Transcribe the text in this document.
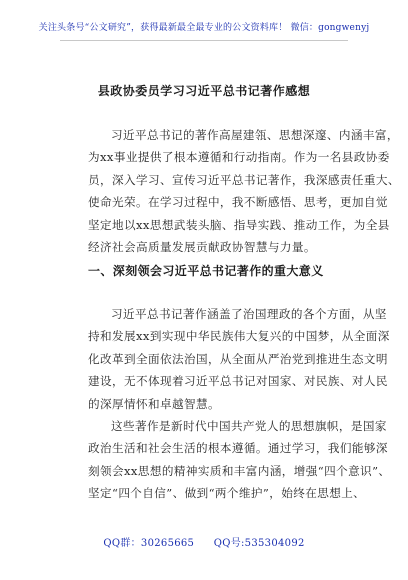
关注头条号“公文研究”，获得最新最全最专业的公文资料库！ 微信：gongwenyj
县政协委员学习习近平总书记著作感想
习近平总书记的著作高屋建瓴、思想深邃、内涵丰富，
为xx事业提供了根本遵循和行动指南。作为一名县政协委
员，深入学习、宣传习近平总书记著作，我深感责任重大、
使命光荣。在学习过程中，我不断感悟、思考，更加自觉
坚定地以xx思想武装头脑、指导实践、推动工作，为全县
经济社会高质量发展贡献政协智慧与力量。
一、深刻领会习近平总书记著作的重大意义
习近平总书记著作涵盖了治国理政的各个方面，从坚
持和发展xx到实现中华民族伟大复兴的中国梦，从全面深
化改革到全面依法治国，从全面从严治党到推进生态文明
建设，无不体现着习近平总书记对国家、对民族、对人民
的深厚情怀和卓越智慧。
这些著作是新时代中国共产党人的思想旗帜，是国家
政治生活和社会生活的根本遵循。通过学习，我们能够深
刻领会xx思想的精神实质和丰富内涵，增强“四个意识”、
坚定“四个自信”、做到“两个维护”，始终在思想上、
QQ群：30265665 QQ号:535304092
